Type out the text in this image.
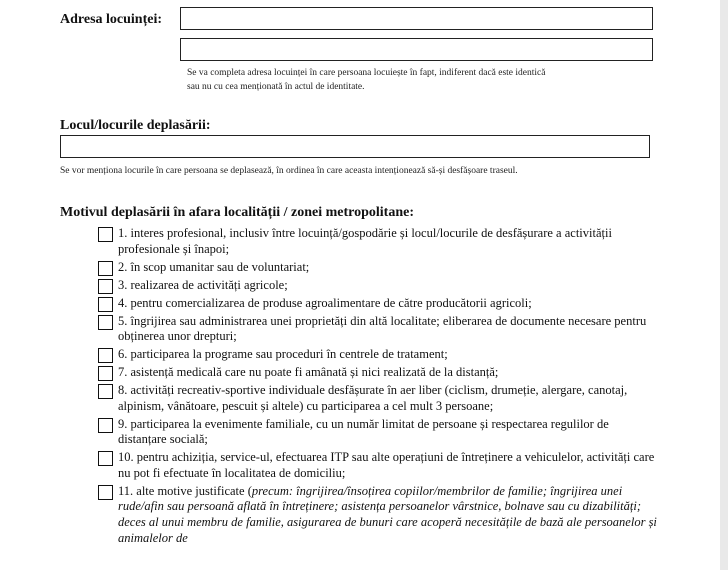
Adresa locuinței:
Se va completa adresa locuinței în care persoana locuiește în fapt, indiferent dacă este identică
sau nu cu cea menționată în actul de identitate.
Locul/locurile deplasării:
Se vor menționa locurile în care persoana se deplasează, în ordinea în care aceasta intenționează să-și desfășoare traseul.
Motivul deplasării în afara localității / zonei metropolitane:
1. interes profesional, inclusiv între locuință/gospodărie și locul/locurile de desfășurare a activității profesionale și înapoi;
2. în scop umanitar sau de voluntariat;
3. realizarea de activități agricole;
4. pentru comercializarea de produse agroalimentare de către producătorii agricoli;
5. îngrijirea sau administrarea unei proprietăți din altă localitate; eliberarea de documente necesare pentru obținerea unor drepturi;
6. participarea la programe sau proceduri în centrele de tratament;
7. asistență medicală care nu poate fi amânată și nici realizată de la distanță;
8. activități recreativ-sportive individuale desfășurate în aer liber (ciclism, drumeție, alergare, canotaj, alpinism, vânătoare, pescuit și altele) cu participarea a cel mult 3 persoane;
9. participarea la evenimente familiale, cu un număr limitat de persoane și respectarea regulilor de distanțare socială;
10. pentru achiziția, service-ul, efectuarea ITP sau alte operațiuni de întreținere a vehiculelor, activități care nu pot fi efectuate în localitatea de domiciliu;
11. alte motive justificate (precum: îngrijirea/însoțirea copiilor/membrilor de familie; îngrijirea unei rude/afin sau persoană aflată în întreținere; asistența persoanelor vârstnice, bolnave sau cu dizabilități; deces al unui membru de familie, asigurarea de bunuri care acoperă necesitățile de bază ale persoanelor și animalelor de
